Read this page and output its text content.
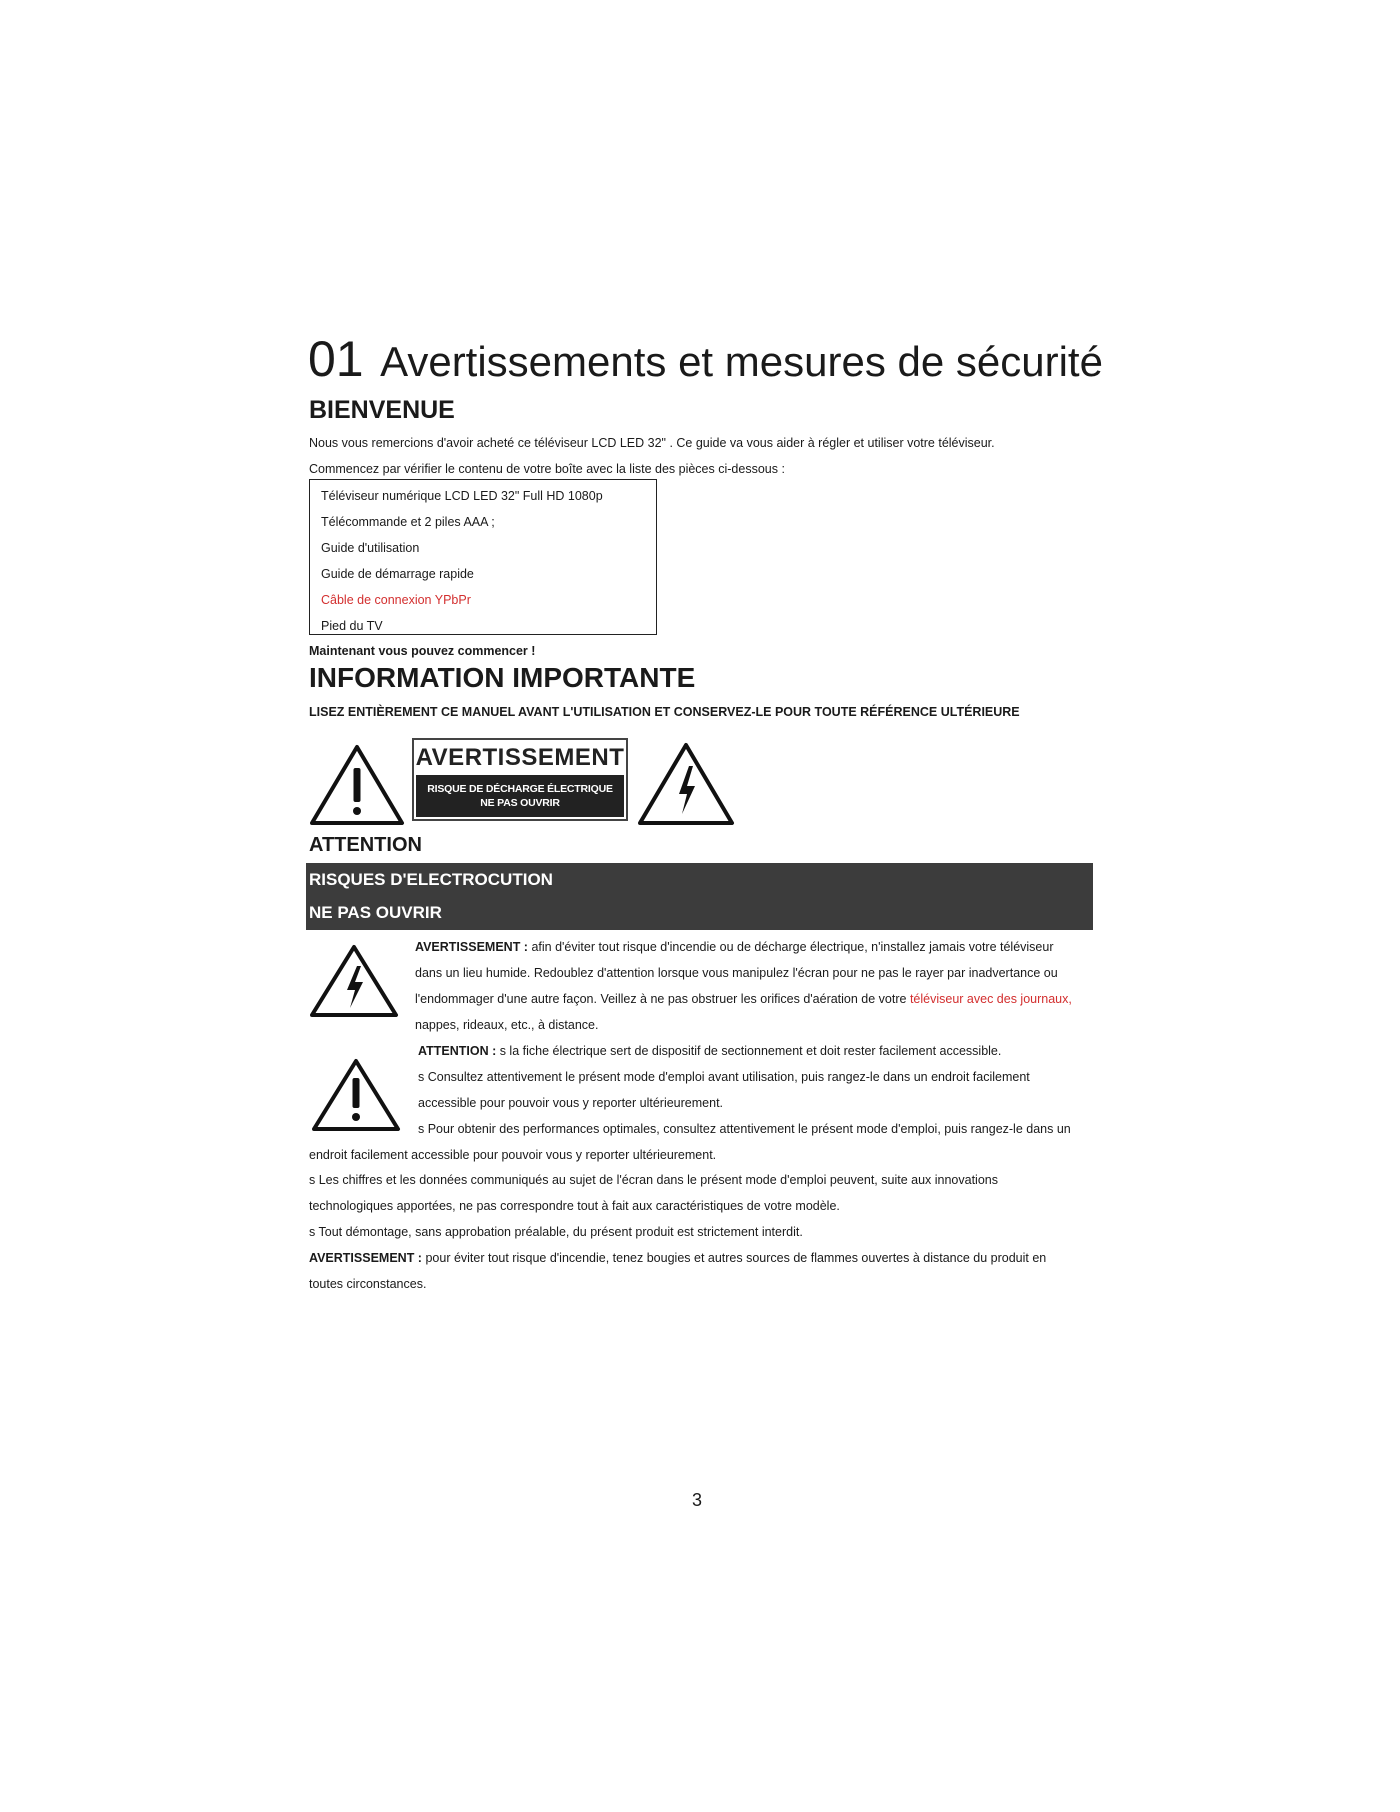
01 Avertissements et mesures de sécurité
BIENVENUE
Nous vous remercions d'avoir acheté ce téléviseur LCD LED 32" . Ce guide va vous aider à régler et utiliser votre téléviseur.
Commencez par vérifier le contenu de votre boîte avec la liste des pièces ci-dessous :
Téléviseur numérique LCD LED 32" Full HD 1080p
Télécommande et 2 piles AAA ;
Guide d'utilisation
Guide de démarrage rapide
Câble de connexion YPbPr
Pied du TV
Maintenant vous pouvez commencer !
INFORMATION IMPORTANTE
LISEZ ENTIÈREMENT CE MANUEL AVANT L'UTILISATION ET CONSERVEZ-LE POUR TOUTE RÉFÉRENCE ULTÉRIEURE
AVERTISSEMENT
RISQUE DE DÉCHARGE ÉLECTRIQUE
NE PAS OUVRIR
ATTENTION
RISQUES D'ELECTROCUTION
NE PAS OUVRIR
AVERTISSEMENT : afin d'éviter tout risque d'incendie ou de décharge électrique, n'installez jamais votre téléviseur
dans un lieu humide. Redoublez d'attention lorsque vous manipulez l'écran pour ne pas le rayer par inadvertance ou
l'endommager d'une autre façon. Veillez à ne pas obstruer les orifices d'aération de votre téléviseur avec des journaux,
nappes, rideaux, etc., à distance.
ATTENTION : s la fiche électrique sert de dispositif de sectionnement et doit rester facilement accessible.
s Consultez attentivement le présent mode d'emploi avant utilisation, puis rangez-le dans un endroit facilement
accessible pour pouvoir vous y reporter ultérieurement.
s Pour obtenir des performances optimales, consultez attentivement le présent mode d'emploi, puis rangez-le dans un
endroit facilement accessible pour pouvoir vous y reporter ultérieurement.
s Les chiffres et les données communiqués au sujet de l'écran dans le présent mode d'emploi peuvent, suite aux innovations
technologiques apportées, ne pas correspondre tout à fait aux caractéristiques de votre modèle.
s Tout démontage, sans approbation préalable, du présent produit est strictement interdit.
AVERTISSEMENT : pour éviter tout risque d'incendie, tenez bougies et autres sources de flammes ouvertes à distance du produit en
toutes circonstances.
3
